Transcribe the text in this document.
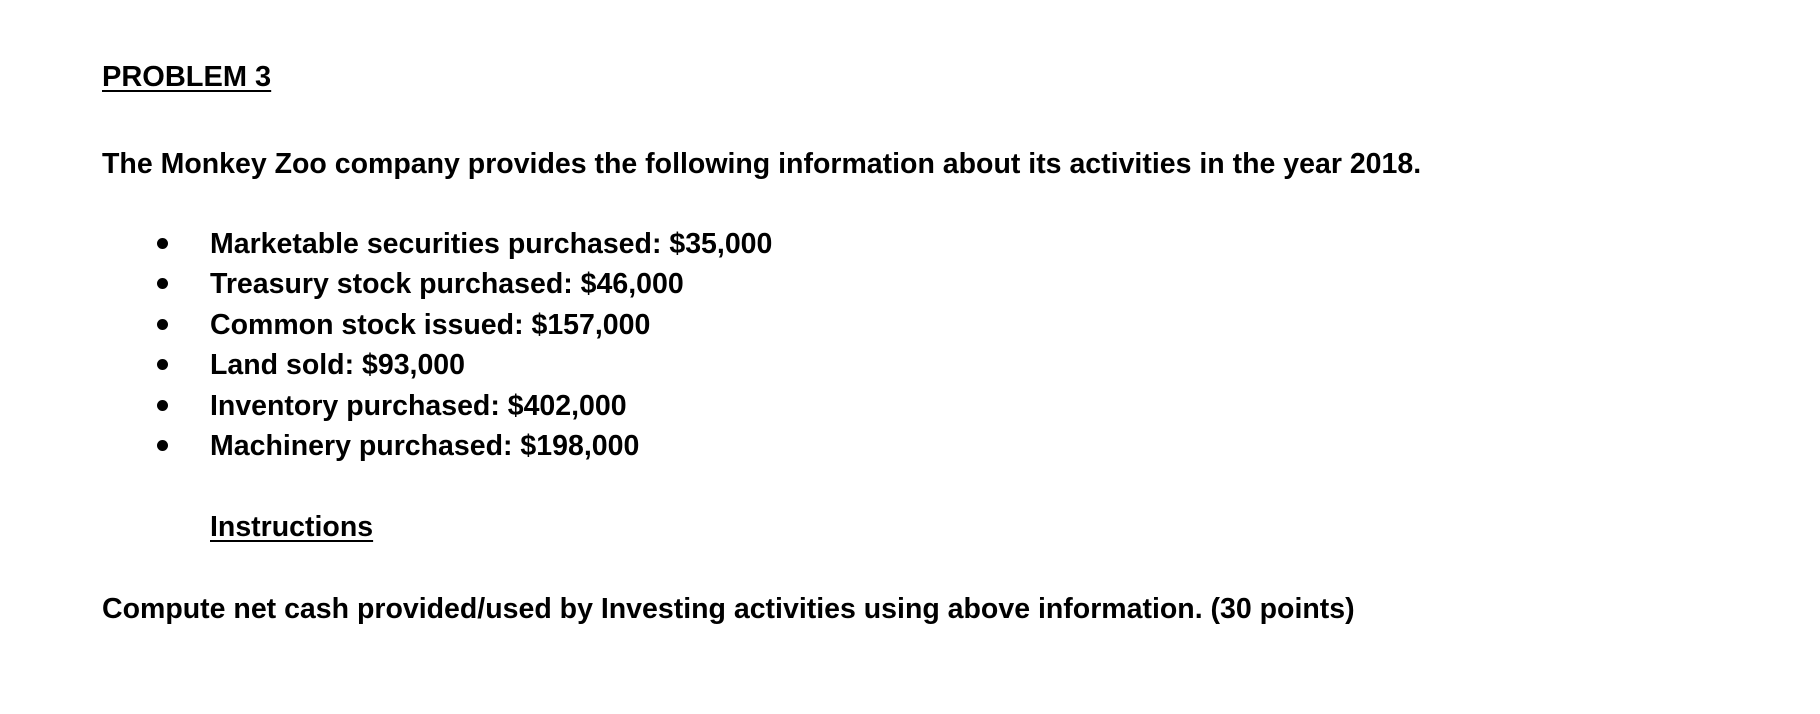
PROBLEM 3
The Monkey Zoo company provides the following information about its activities in the year 2018.
Marketable securities purchased: $35,000
Treasury stock purchased: $46,000
Common stock issued: $157,000
Land sold: $93,000
Inventory purchased: $402,000
Machinery purchased: $198,000
Instructions
Compute net cash provided/used by Investing activities using above information. (30 points)
